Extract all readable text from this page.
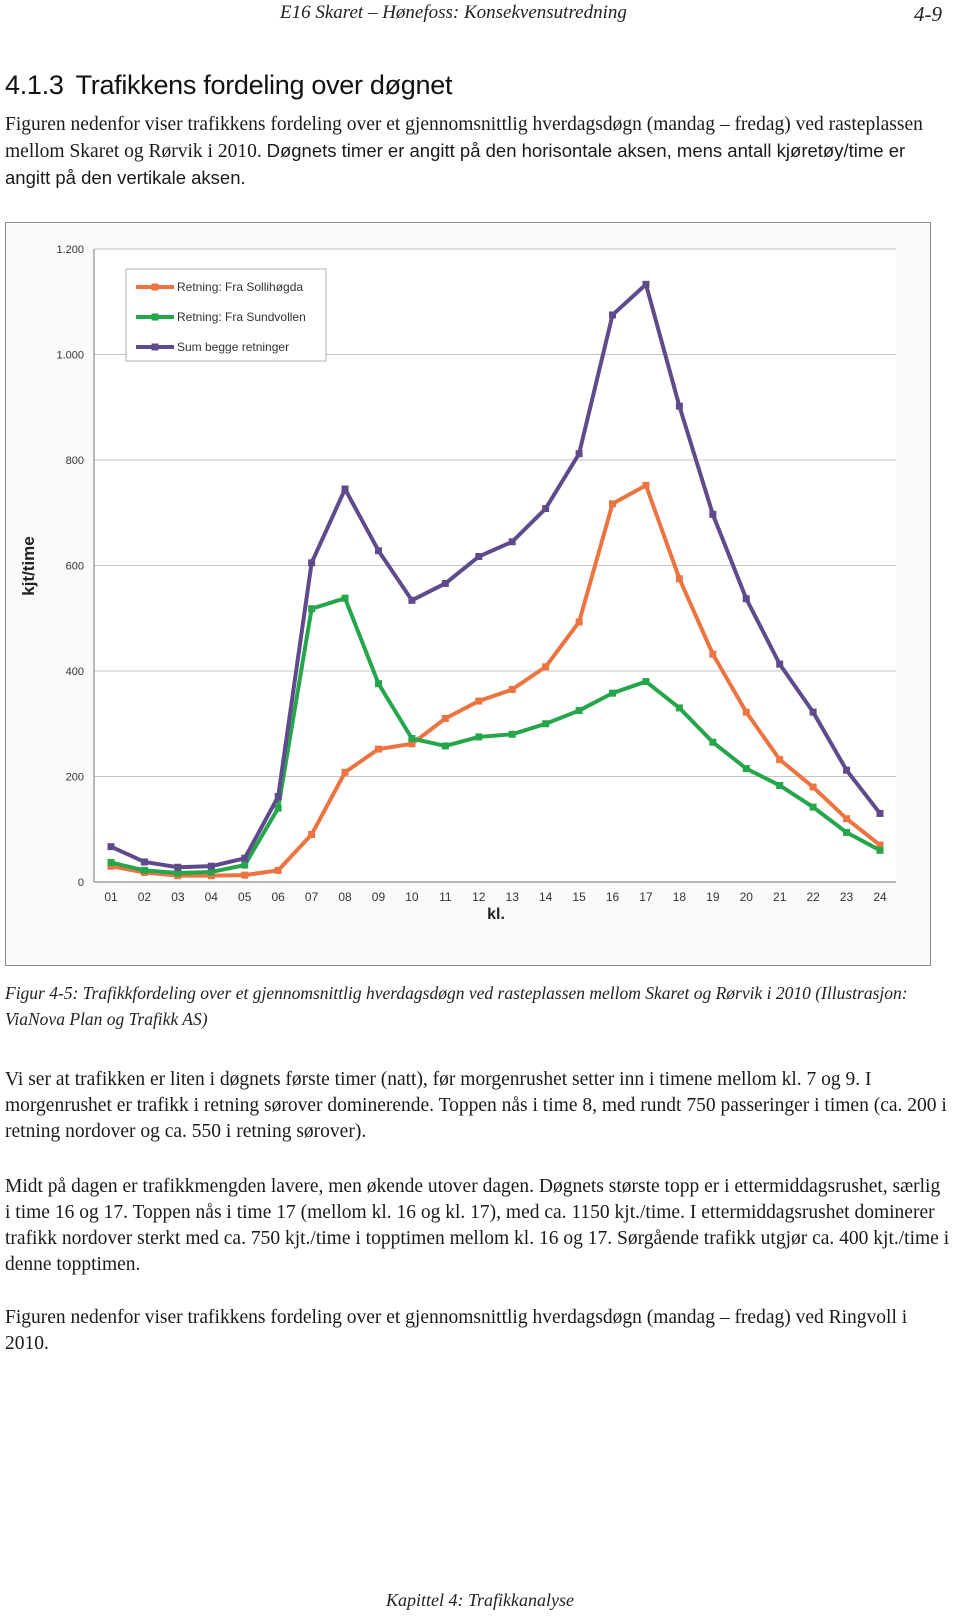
E16 Skaret – Hønefoss: Konsekvensutredning	4-9
4.1.3 Trafikkens fordeling over døgnet

Figuren nedenfor viser trafikkens fordeling over et gjennomsnittlig hverdagsdøgn (mandag – fredag) ved rasteplassen mellom Skaret og Rørvik i 2010. Døgnets timer er angitt på den horisontale aksen, mens antall kjøretøy/time er angitt på den vertikale aksen.

0
200
400
600
800
1.000
1.200
01 02 03 04 05 06 07 08 09 10 11 12 13 14 15 16 17 18 19 20 21 22 23 24
kl.
kjt/time
Retning: Fra Sollihøgda
Retning: Fra Sundvollen
Sum begge retninger
Figur 4-5: Trafikkfordeling over et gjennomsnittlig hverdagsdøgn ved rasteplassen mellom Skaret og Rørvik i 2010 (Illustrasjon: ViaNova Plan og Trafikk AS)

Vi ser at trafikken er liten i døgnets første timer (natt), før morgenrushet setter inn i timene mellom kl. 7 og 9. I morgenrushet er trafikk i retning sørover dominerende. Toppen nås i time 8, med rundt 750 passeringer i timen (ca. 200 i retning nordover og ca. 550 i retning sørover).

Midt på dagen er trafikkmengden lavere, men økende utover dagen. Døgnets største topp er i ettermiddagsrushet, særlig i time 16 og 17. Toppen nås i time 17 (mellom kl. 16 og kl. 17), med ca. 1150 kjt./time. I ettermiddagsrushet dominerer trafikk nordover sterkt med ca. 750 kjt./time i topptimen mellom kl. 16 og 17. Sørgående trafikk utgjør ca. 400 kjt./time i denne topptimen.

Figuren nedenfor viser trafikkens fordeling over et gjennomsnittlig hverdagsdøgn (mandag – fredag) ved Ringvoll i 2010.

Kapittel 4: Trafikkanalyse
